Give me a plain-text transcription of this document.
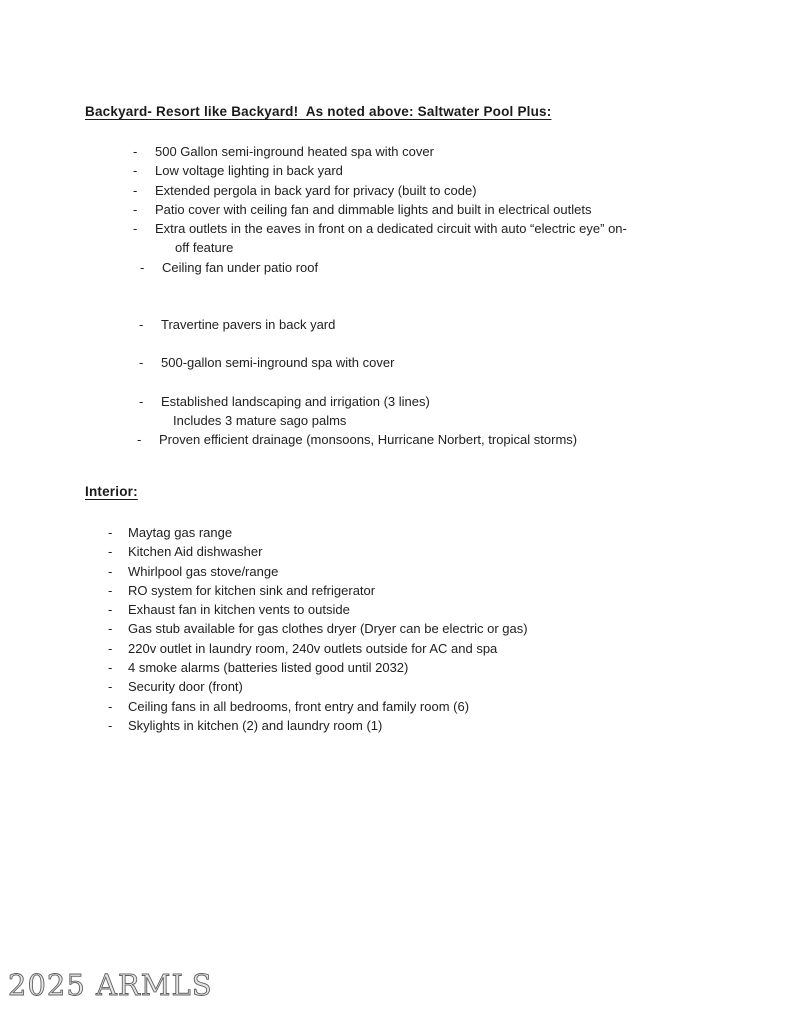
Backyard- Resort like Backyard!  As noted above: Saltwater Pool Plus:
-	500 Gallon semi-inground heated spa with cover
-	Low voltage lighting in back yard
-	Extended pergola in back yard for privacy (built to code)
-	Patio cover with ceiling fan and dimmable lights and built in electrical outlets
-	Extra outlets in the eaves in front on a dedicated circuit with auto “electric eye” on-
off feature
-	Ceiling fan under patio roof
-	Travertine pavers in back yard
-	500-gallon semi-inground spa with cover
-	Established landscaping and irrigation (3 lines)
Includes 3 mature sago palms
-	Proven efficient drainage (monsoons, Hurricane Norbert, tropical storms)
Interior:
-	Maytag gas range
-	Kitchen Aid dishwasher
-	Whirlpool gas stove/range
-	RO system for kitchen sink and refrigerator
-	Exhaust fan in kitchen vents to outside
-	Gas stub available for gas clothes dryer (Dryer can be electric or gas)
-	220v outlet in laundry room, 240v outlets outside for AC and spa
-	4 smoke alarms (batteries listed good until 2032)
-	Security door (front)
-	Ceiling fans in all bedrooms, front entry and family room (6)
-	Skylights in kitchen (2) and laundry room (1)
2025 ARMLS
